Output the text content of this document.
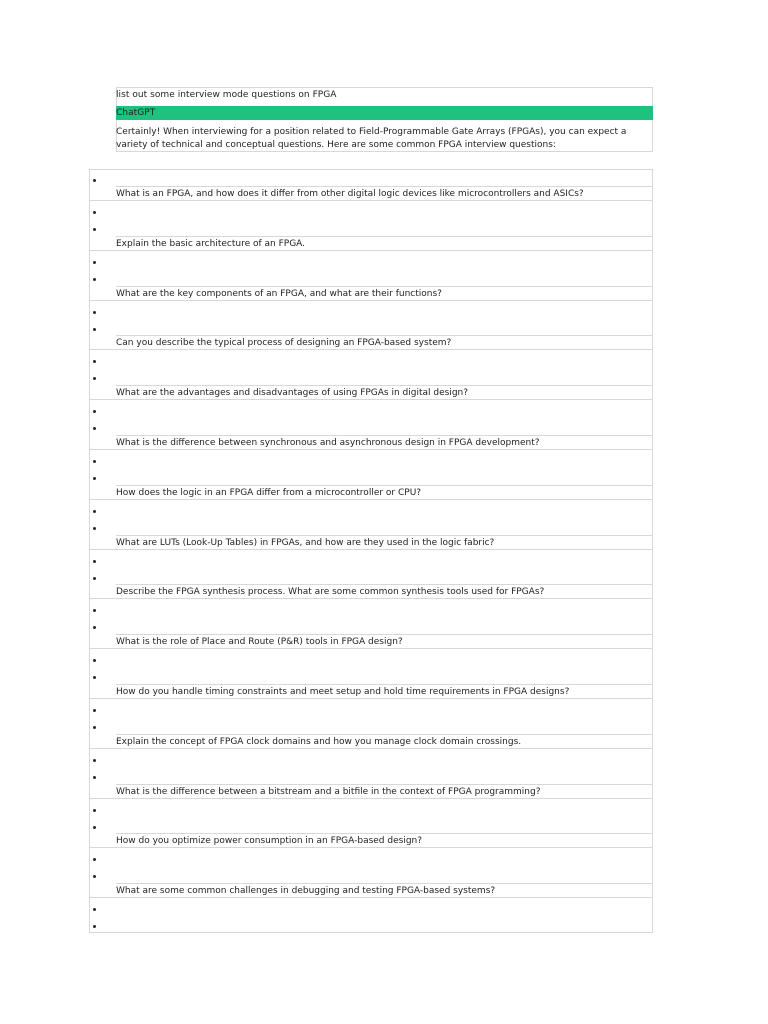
list out some interview mode questions on FPGA
ChatGPT
Certainly! When interviewing for a position related to Field-Programmable Gate Arrays (FPGAs), you can expect a variety of technical and conceptual questions. Here are some common FPGA interview questions:
What is an FPGA, and how does it differ from other digital logic devices like microcontrollers and ASICs?
Explain the basic architecture of an FPGA.
What are the key components of an FPGA, and what are their functions?
Can you describe the typical process of designing an FPGA-based system?
What are the advantages and disadvantages of using FPGAs in digital design?
What is the difference between synchronous and asynchronous design in FPGA development?
How does the logic in an FPGA differ from a microcontroller or CPU?
What are LUTs (Look-Up Tables) in FPGAs, and how are they used in the logic fabric?
Describe the FPGA synthesis process. What are some common synthesis tools used for FPGAs?
What is the role of Place and Route (P&R) tools in FPGA design?
How do you handle timing constraints and meet setup and hold time requirements in FPGA designs?
Explain the concept of FPGA clock domains and how you manage clock domain crossings.
What is the difference between a bitstream and a bitfile in the context of FPGA programming?
How do you optimize power consumption in an FPGA-based design?
What are some common challenges in debugging and testing FPGA-based systems?
